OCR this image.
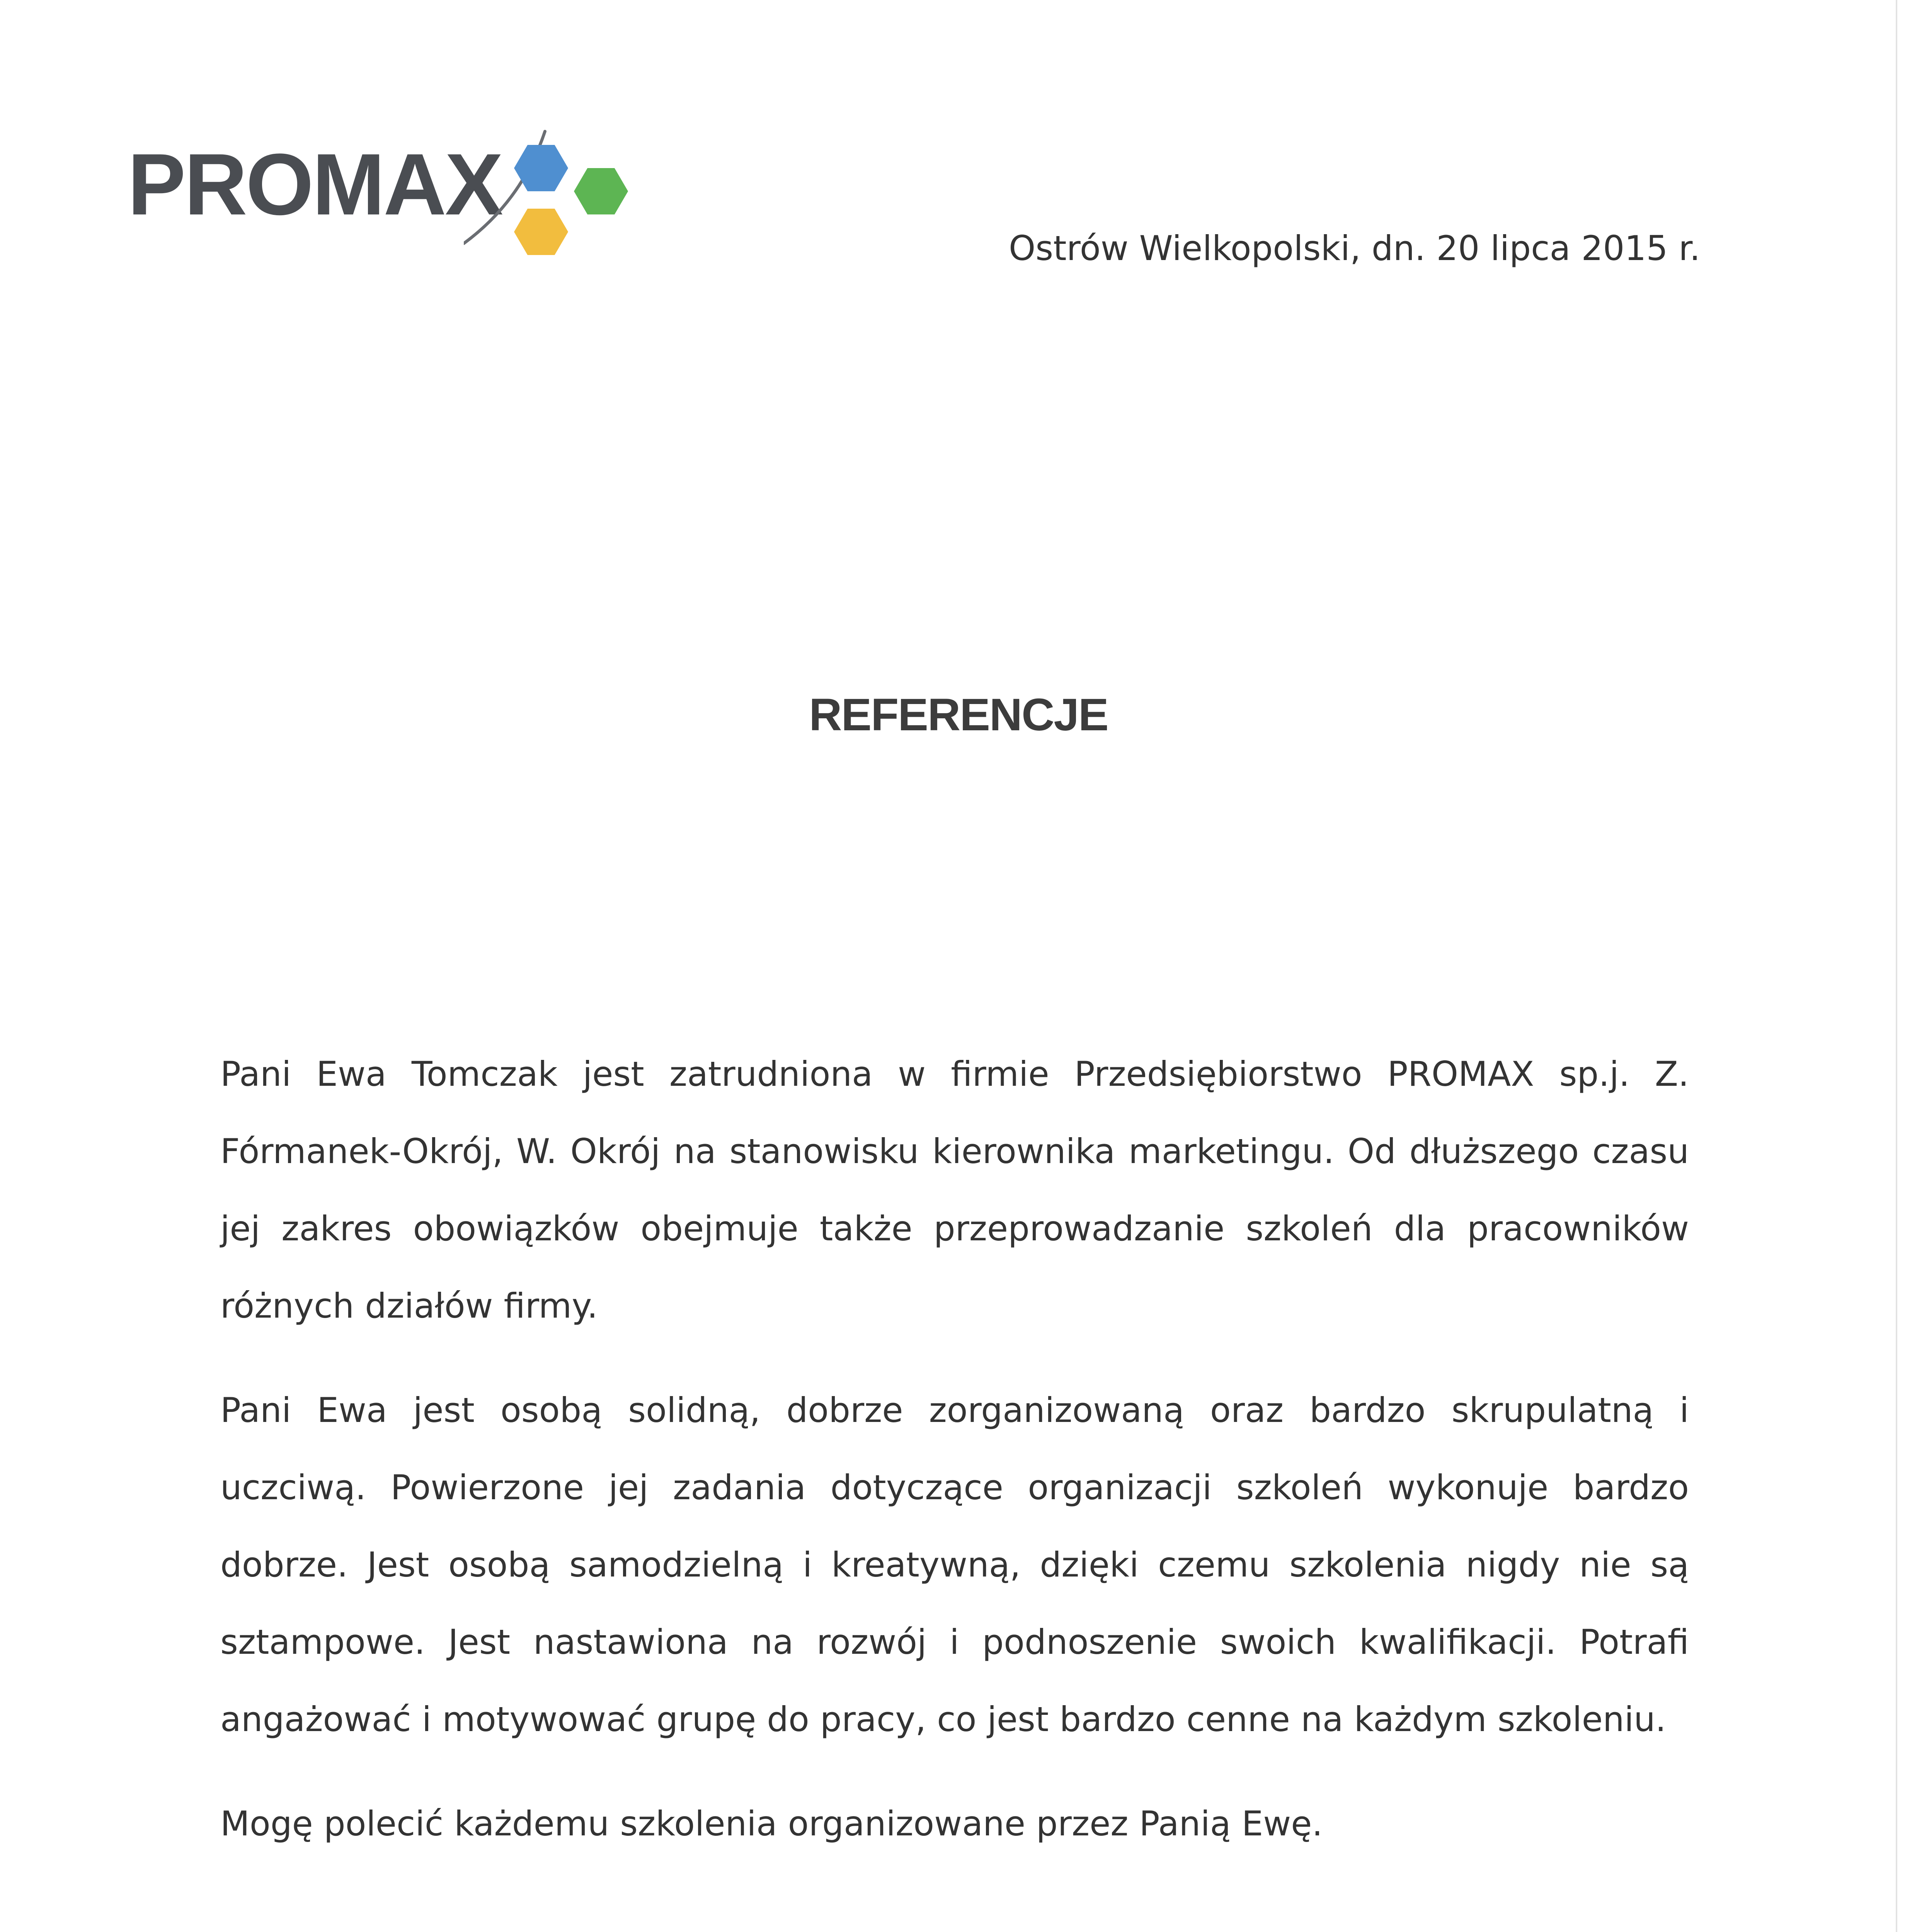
PROMAX
Ostrów Wielkopolski, dn. 20 lipca 2015 r.
REFERENCJE

Pani Ewa Tomczak jest zatrudniona w firmie Przedsiębiorstwo PROMAX sp.j. Z. Fórmanek-Okrój, W. Okrój na stanowisku kierownika marketingu. Od dłuższego czasu jej zakres obowiązków obejmuje także przeprowadzanie szkoleń dla pracowników różnych działów firmy.

Pani Ewa jest osobą solidną, dobrze zorganizowaną oraz bardzo skrupulatną i uczciwą. Powierzone jej zadania dotyczące organizacji szkoleń wykonuje bardzo dobrze. Jest osobą samodzielną i kreatywną, dzięki czemu szkolenia nigdy nie są sztampowe. Jest nastawiona na rozwój i podnoszenie swoich kwalifikacji. Potrafi angażować i motywować grupę do pracy, co jest bardzo cenne na każdym szkoleniu.

Mogę polecić każdemu szkolenia organizowane przez Panią Ewę.
